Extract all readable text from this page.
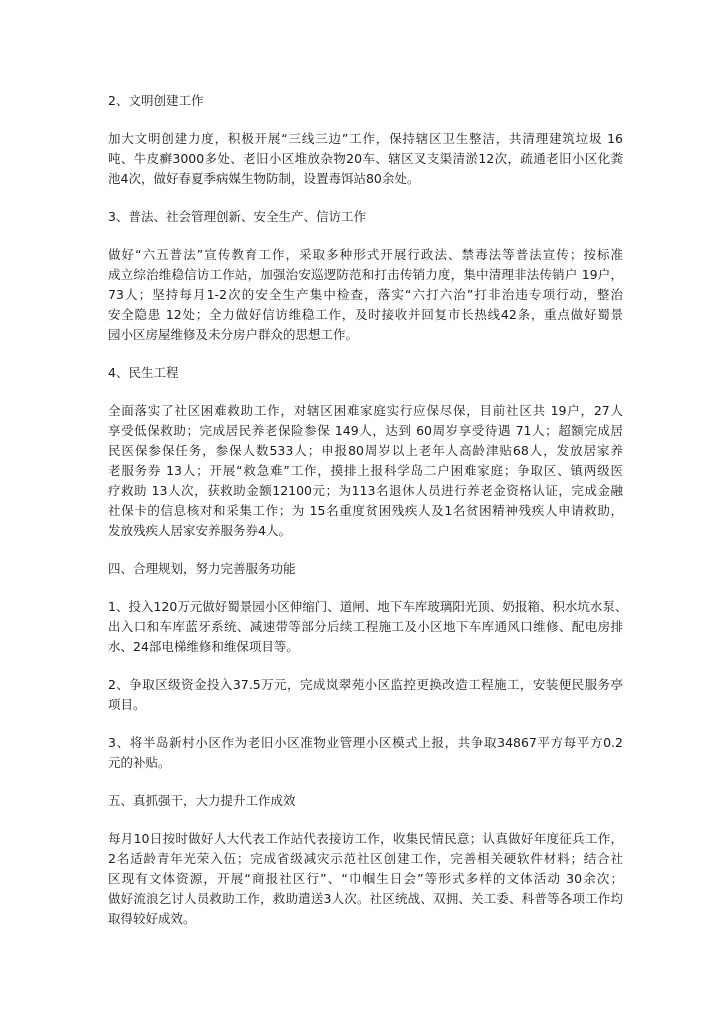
2、文明创建工作
加大文明创建力度，积极开展“三线三边”工作，保持辖区卫生整洁，共清理建筑垃圾 16
吨、牛皮癣3000多处、老旧小区堆放杂物20车、辖区叉支渠清淤12次，疏通老旧小区化粪
池4次，做好春夏季病媒生物防制，设置毒饵站80余处。
3、普法、社会管理创新、安全生产、信访工作
做好“六五普法”宣传教育工作，采取多种形式开展行政法、禁毒法等普法宣传；按标准
成立综治维稳信访工作站，加强治安巡逻防范和打击传销力度，集中清理非法传销户 19户，
73人；坚持每月1-2次的安全生产集中检查，落实“六打六治”打非治违专项行动，整治
安全隐患 12处；全力做好信访维稳工作，及时接收并回复市长热线42条，重点做好蜀景
园小区房屋维修及未分房户群众的思想工作。
4、民生工程
全面落实了社区困难救助工作，对辖区困难家庭实行应保尽保，目前社区共 19户，27人
享受低保救助；完成居民养老保险参保 149人，达到 60周岁享受待遇 71人；超额完成居
民医保参保任务，参保人数533人；申报80周岁以上老年人高龄津贴68人，发放居家养
老服务券 13人；开展“救急难”工作，摸排上报科学岛二户困难家庭；争取区、镇两级医
疗救助 13人次，获救助金额12100元；为113名退休人员进行养老金资格认证，完成金融
社保卡的信息核对和采集工作；为 15名重度贫困残疾人及1名贫困精神残疾人申请救助，
发放残疾人居家安养服务券4人。
四、合理规划，努力完善服务功能
1、投入120万元做好蜀景园小区伸缩门、道闸、地下车库玻璃阳光顶、奶报箱、积水坑水泵、
出入口和车库蓝牙系统、减速带等部分后续工程施工及小区地下车库通风口维修、配电房排
水、24部电梯维修和维保项目等。
2、争取区级资金投入37.5万元，完成岚翠苑小区监控更换改造工程施工，安装便民服务亭
项目。
3、将半岛新村小区作为老旧小区准物业管理小区模式上报，共争取34867平方每平方0.2
元的补贴。
五、真抓强干，大力提升工作成效
每月10日按时做好人大代表工作站代表接访工作，收集民情民意；认真做好年度征兵工作，
2名适龄青年光荣入伍；完成省级减灾示范社区创建工作，完善相关硬软件材料；结合社
区现有文体资源，开展“商报社区行”、“巾帼生日会”等形式多样的文体活动 30余次；
做好流浪乞讨人员救助工作，救助遣送3人次。社区统战、双拥、关工委、科普等各项工作均
取得较好成效。
